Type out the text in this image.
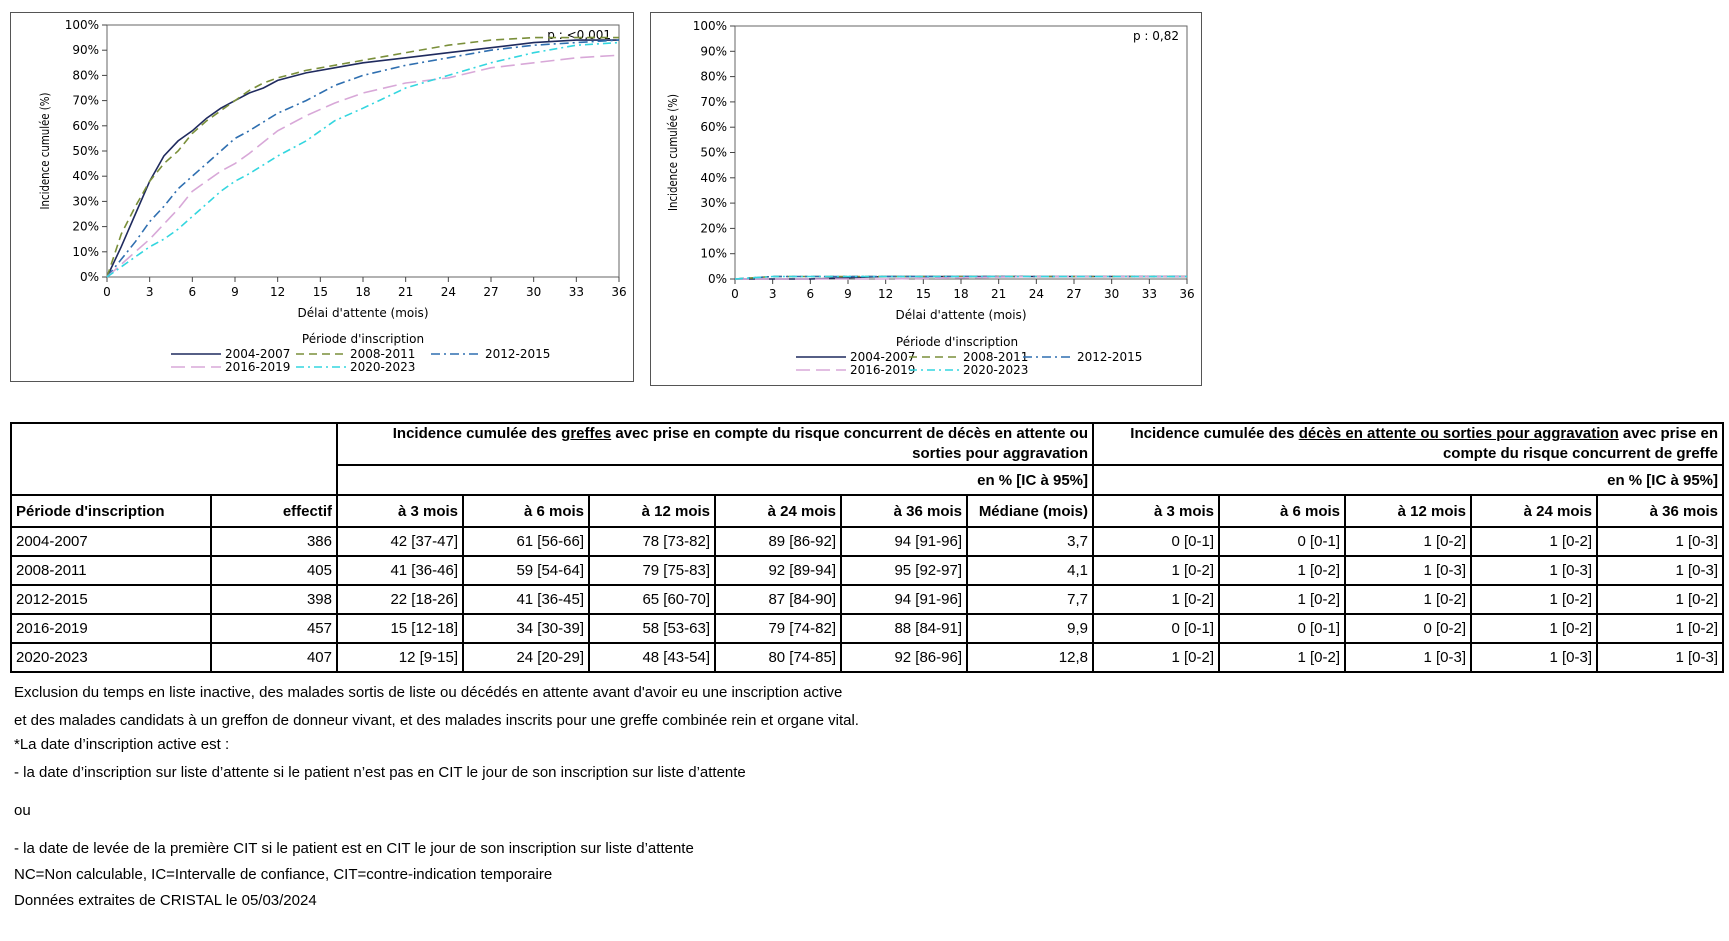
0%
10%
20%
30%
40%
50%
60%
70%
80%
90%
100%
0	3	6	9	12 15 18 21 24 27 30 33 36
Délai d'attente (mois)
Incidence cumulée (%)
p : <0,001
Période d'inscription
2004-2007	2008-2011	2012-2015
2016-2019	2020-2023
0%
10%
20%
30%
40%
50%
60%
70%
80%
90%
100%
0	3	6	9 12 15 18 21 24 27 30 33 36
Délai d'attente (mois)
Incidence cumulée (%)
p : 0,82
Période d'inscription
2004-2007	2008-2011	2012-2015
2016-2019	2020-2023
		Incidence cumulée des greffes avec prise en compte du risque concurrent de décès en attente ou sorties pour aggravation						Incidence cumulée des décès en attente ou sorties pour aggravation avec prise en compte du risque concurrent de greffe				
		en % [IC à 95%]						en % [IC à 95%]				
Période d'inscription	effectif	à 3 mois	à 6 mois	à 12 mois	à 24 mois	à 36 mois	Médiane (mois)	à 3 mois	à 6 mois	à 12 mois	à 24 mois	à 36 mois
2004-2007	386	42 [37-47]	61 [56-66]	78 [73-82]	89 [86-92]	94 [91-96]	3,7	0 [0-1]	0 [0-1]	1 [0-2]	1 [0-2]	1 [0-3]
2008-2011	405	41 [36-46]	59 [54-64]	79 [75-83]	92 [89-94]	95 [92-97]	4,1	1 [0-2]	1 [0-2]	1 [0-3]	1 [0-3]	1 [0-3]
2012-2015	398	22 [18-26]	41 [36-45]	65 [60-70]	87 [84-90]	94 [91-96]	7,7	1 [0-2]	1 [0-2]	1 [0-2]	1 [0-2]	1 [0-2]
2016-2019	457	15 [12-18]	34 [30-39]	58 [53-63]	79 [74-82]	88 [84-91]	9,9	0 [0-1]	0 [0-1]	0 [0-2]	1 [0-2]	1 [0-2]
2020-2023	407	12 [9-15]	24 [20-29]	48 [43-54]	80 [74-85]	92 [86-96]	12,8	1 [0-2]	1 [0-2]	1 [0-3]	1 [0-3]	1 [0-3]
Exclusion du temps en liste inactive, des malades sortis de liste ou décédés en attente avant d'avoir eu une inscription active
et des malades candidats à un greffon de donneur vivant, et des malades inscrits pour une greffe combinée rein et organe vital.
*La date d’inscription active est :
- la date d’inscription sur liste d’attente si le patient n’est pas en CIT le jour de son inscription sur liste d’attente
ou
- la date de levée de la première CIT si le patient est en CIT le jour de son inscription sur liste d’attente
NC=Non calculable, IC=Intervalle de confiance, CIT=contre-indication temporaire
Données extraites de CRISTAL le 05/03/2024
